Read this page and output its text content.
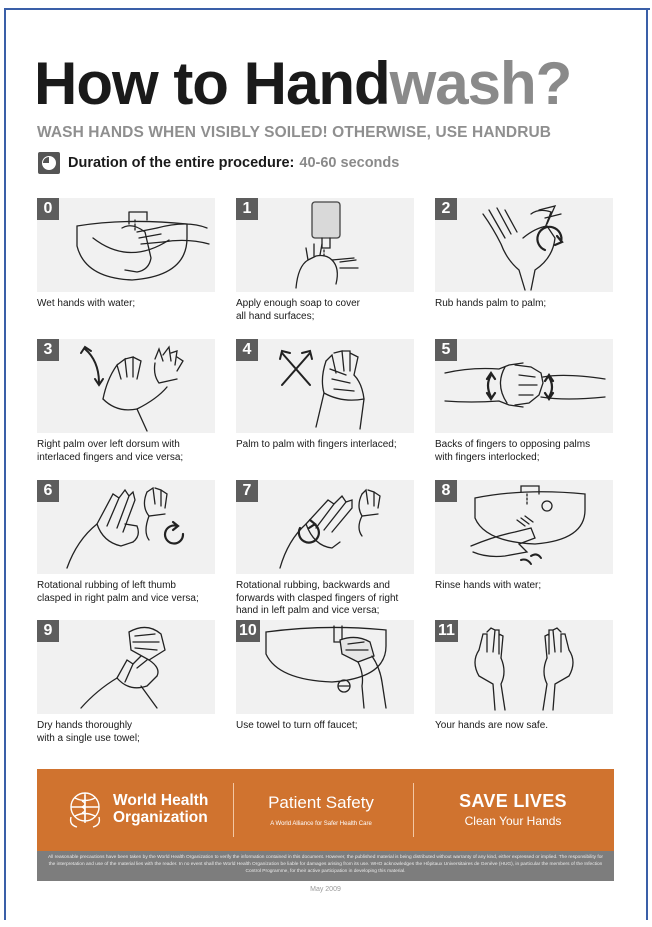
How to Handwash?
WASH HANDS WHEN VISIBLY SOILED! OTHERWISE, USE HANDRUB
Duration of the entire procedure: 40-60 seconds
0
Wet hands with water;
1
Apply enough soap to cover
all hand surfaces;
2
Rub hands palm to palm;
3
Right palm over left dorsum with
interlaced fingers and vice versa;
4
Palm to palm with fingers interlaced;
5
Backs of fingers to opposing palms
with fingers interlocked;
6
Rotational rubbing of left thumb
clasped in right palm and vice versa;
7
Rotational rubbing, backwards and
forwards with clasped fingers of right
hand in left palm and vice versa;
8
Rinse hands with water;
9
Dry hands thoroughly
with a single use towel;
10
Use towel to turn off faucet;
11
Your hands are now safe.
World Health
Organization
Patient Safety
A World Alliance for Safer Health Care
SAVE LIVES
Clean Your Hands
All reasonable precautions have been taken by the World Health Organization to verify the information contained in this document. However, the published material is being distributed without warranty of any kind, either expressed or implied. The responsibility for the interpretation and use of the material lies with the reader. In no event shall the World Health Organization be liable for damages arising from its use. WHO acknowledges the Hôpitaux Universitaires de Genève (HUG), in particular the members of the Infection Control Programme, for their active participation in developing this material.
May 2009
